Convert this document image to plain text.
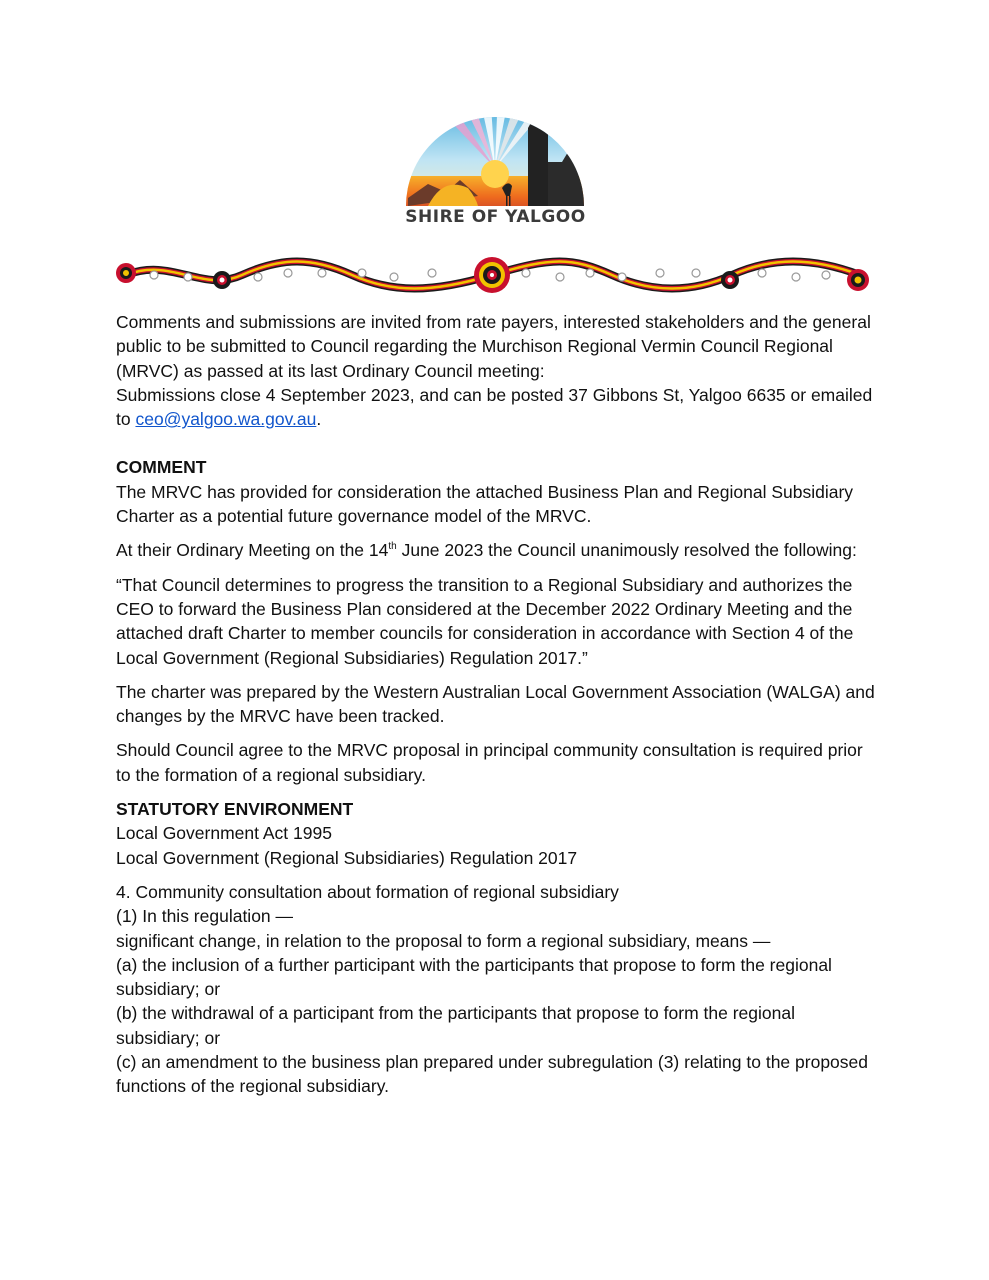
SHIRE OF YALGOO

Comments and submissions are invited from rate payers, interested stakeholders and the general public to be submitted to Council regarding the Murchison Regional Vermin Council Regional (MRVC) as passed at its last Ordinary Council meeting:

Submissions close 4 September 2023, and can be posted 37 Gibbons St, Yalgoo 6635 or emailed to ceo@yalgoo.wa.gov.au.

COMMENT

The MRVC has provided for consideration the attached Business Plan and Regional Subsidiary Charter as a potential future governance model of the MRVC.

At their Ordinary Meeting on the 14th June 2023 the Council unanimously resolved the following:

“That Council determines to progress the transition to a Regional Subsidiary and authorizes the CEO to forward the Business Plan considered at the December 2022 Ordinary Meeting and the attached draft Charter to member councils for consideration in accordance with Section 4 of the Local Government (Regional Subsidiaries) Regulation 2017.”

The charter was prepared by the Western Australian Local Government Association (WALGA) and changes by the MRVC have been tracked.

Should Council agree to the MRVC proposal in principal community consultation is required prior to the formation of a regional subsidiary.

STATUTORY ENVIRONMENT

Local Government Act 1995

Local Government (Regional Subsidiaries) Regulation 2017

4. Community consultation about formation of regional subsidiary

(1) In this regulation —

significant change, in relation to the proposal to form a regional subsidiary, means —

(a) the inclusion of a further participant with the participants that propose to form the regional subsidiary; or

(b) the withdrawal of a participant from the participants that propose to form the regional subsidiary; or

(c) an amendment to the business plan prepared under subregulation (3) relating to the proposed functions of the regional subsidiary.
